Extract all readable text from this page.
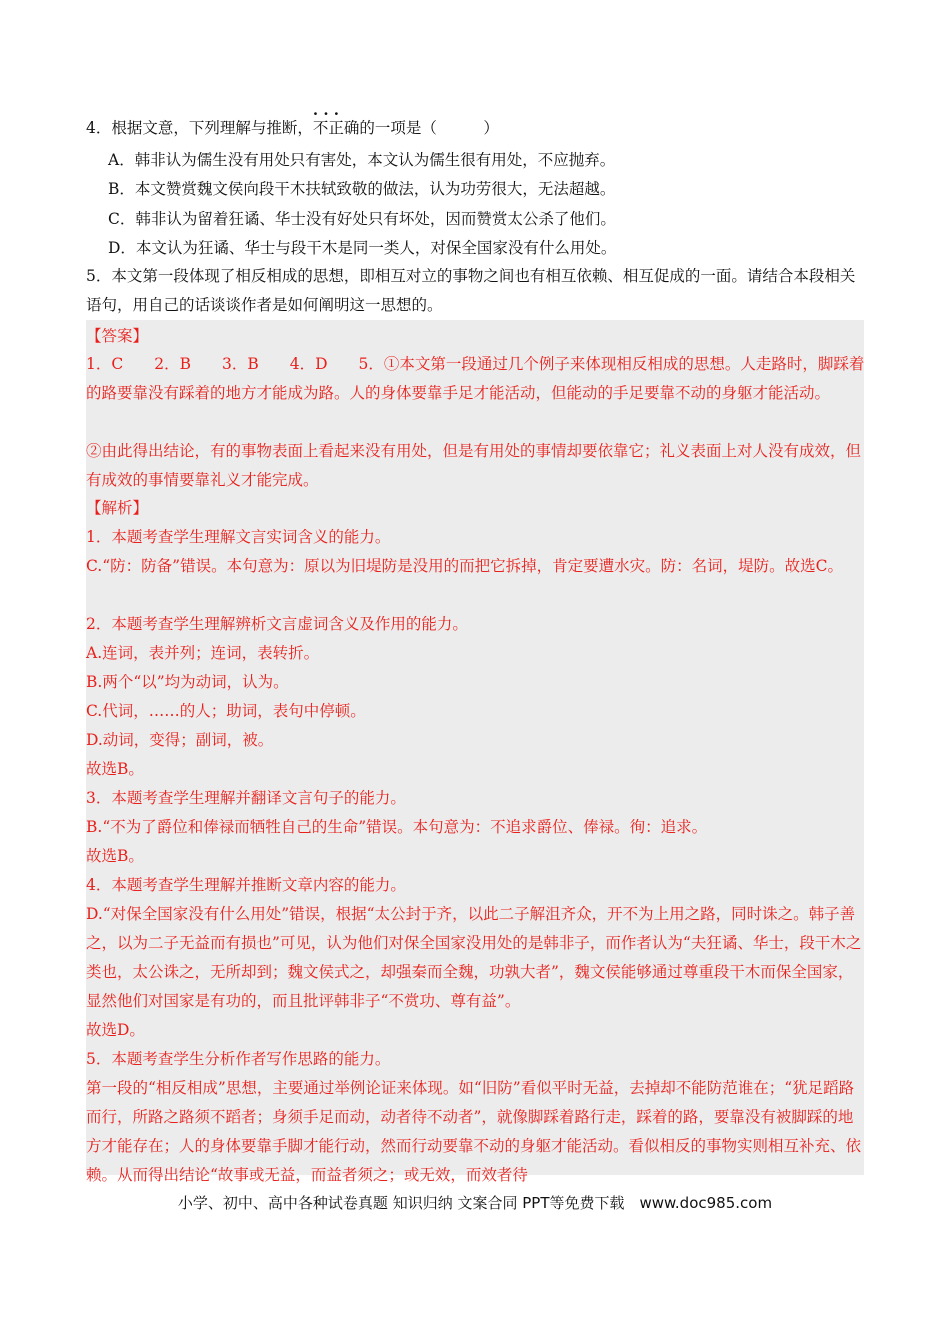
4．根据文意，下列理解与推断，· · · 不正确的一项是（　　　）
A．韩非认为儒生没有用处只有害处，本文认为儒生很有用处，不应抛弃。
B．本文赞赏魏文侯向段干木扶轼致敬的做法，认为功劳很大，无法超越。
C．韩非认为留着狂谲、华士没有好处只有坏处，因而赞赏太公杀了他们。
D．本文认为狂谲、华士与段干木是同一类人，对保全国家没有什么用处。
5．本文第一段体现了相反相成的思想，即相互对立的事物之间也有相互依赖、相互促成的一面。请结合本段相关语句，用自己的话谈谈作者是如何阐明这一思想的。
【答案】
1．C　　2．B　　3．B　　4．D　　5．①本文第一段通过几个例子来体现相反相成的思想。人走路时，脚踩着的路要靠没有踩着的地方才能成为路。人的身体要靠手足才能活动，但能动的手足要靠不动的身躯才能活动。
②由此得出结论，有的事物表面上看起来没有用处，但是有用处的事情却要依靠它；礼义表面上对人没有成效，但有成效的事情要靠礼义才能完成。
【解析】
1．本题考查学生理解文言实词含义的能力。
C.“防：防备”错误。本句意为：原以为旧堤防是没用的而把它拆掉，肯定要遭水灾。防：名词，堤防。故选C。
2．本题考查学生理解辨析文言虚词含义及作用的能力。
A.连词，表并列；连词，表转折。
B.两个“以”均为动词，认为。
C.代词，……的人；助词，表句中停顿。
D.动词，变得；副词，被。
故选B。
3．本题考查学生理解并翻译文言句子的能力。
B.“不为了爵位和俸禄而牺牲自己的生命”错误。本句意为：不追求爵位、俸禄。徇：追求。
故选B。
4．本题考查学生理解并推断文章内容的能力。
D.“对保全国家没有什么用处”错误，根据“太公封于齐，以此二子解沮齐众，开不为上用之路，同时诛之。韩子善之，以为二子无益而有损也”可见，认为他们对保全国家没用处的是韩非子，而作者认为“夫狂谲、华士，段干木之类也，太公诛之，无所却到；魏文侯式之，却强秦而全魏，功孰大者”，魏文侯能够通过尊重段干木而保全国家，显然他们对国家是有功的，而且批评韩非子“不赏功、尊有益”。
故选D。
5．本题考查学生分析作者写作思路的能力。
第一段的“相反相成”思想，主要通过举例论证来体现。如“旧防”看似平时无益，去掉却不能防范谁在；“犹足蹈路而行，所路之路须不蹈者；身须手足而动，动者待不动者”，就像脚踩着路行走，踩着的路，要靠没有被脚踩的地方才能存在；人的身体要靠手脚才能行动，然而行动要靠不动的身躯才能活动。看似相反的事物实则相互补充、依赖。从而得出结论“故事或无益，而益者须之；或无效，而效者待
小学、初中、高中各种试卷真题 知识归纳 文案合同 PPT等免费下载　www.doc985.com
